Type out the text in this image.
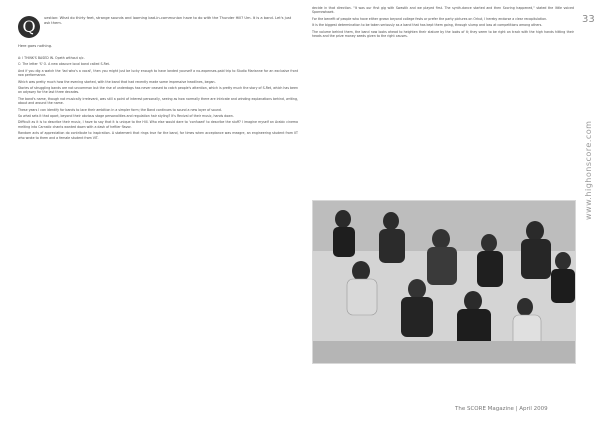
Q	uestion: What do thirty feet, strange sounds and looming bad-in-communion have to do with the Thunder Hill? Um. It is a band. Let's just ask them.
Here goes nothing.

A: I THINK'S BASED IN. Opeth without a/c.

C: The letter 'S' O. A new obscure local band called S-Ret.

And if you dig a watch the 'lad who's a vocal', then you might just be lucky enough to have landed yourself a no-expenses-paid trip to Studio Marianne for an exclusive front row performance.

Which was pretty much how the evening started, with the band that had recently made some impressive headlines, began.

Stories of struggling bands are not uncommon but the rise of underdogs has never ceased to catch people's attention, which is pretty much the story of S-Ret, which has been an odyssey for the last three decades.

The band's name, though not musically irrelevant, was still a point of interest personally, seeing as how normally there are intricate and winding explanations behind, writing, about and around the name.

These years I can identify for bands to lace their ambition in a simpler form; the Band continues to sound a new layer of sound.

So what sets it that apart, beyond their obvious stage personalities and regulation hair styling? It's Revival of their music, hands down.

Difficult as it is to describe their music, I have to say that it is unique to the Hill. Who else would dare to 'confused' to describe the stuff? I imagine myself an Arabic cinema melting into Carnatic chants wanted down with a dash of heftier flavor.

Random acts of appreciation do contribute to inspiration. A statement that rings true for the band, for times when acceptance was meagre, an engineering student from IIT who wrote to them and a female student from VIT.

decide in that direction. "It was our first gig with Swastik and we played first. The synth-dance started and then Scoring happened," stated the little voiced Sparrowhawk.

For the benefit of people who have either grown beyond college fests or prefer the party pictures on Orkut, I hereby endorse a clear recapitulation.

It is the biggest determination to be taken seriously as a band that has kept them going, through slump and loss at competitions among others.

The volume behind them, the band now looks ahead to heighten their stature by the looks of it; they seem to be right on track with the high hands hitting their heads and the prize money seeds given to the right causes.

33
www.highonscore.com
The SCORE Magazine | April 2009
